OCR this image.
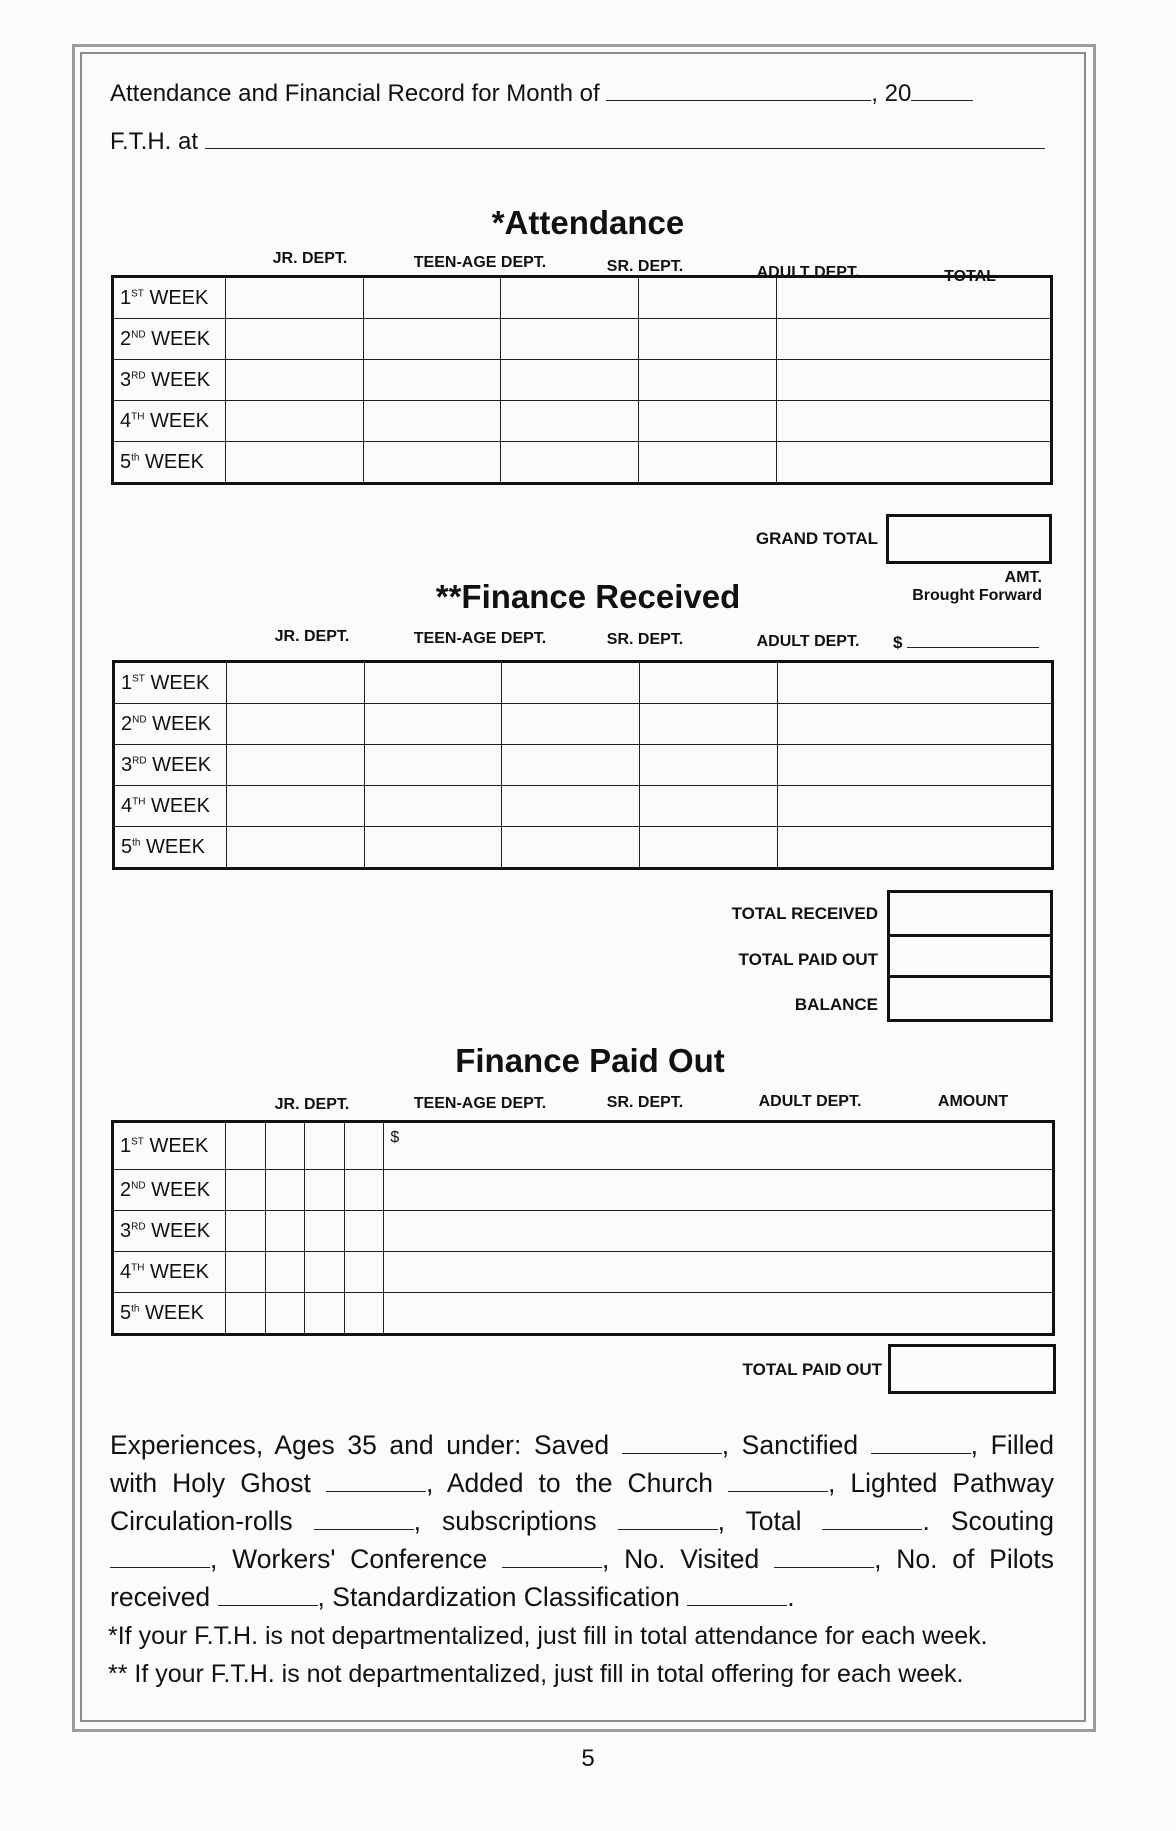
Attendance and Financial Record for Month of	, 20
F.T.H. at
*Attendance
JR. DEPT.	TEEN-AGE DEPT.	SR. DEPT.	ADULT DEPT.	TOTAL
1ST WEEK					
2ND WEEK					
3RD WEEK					
4TH WEEK					
5th WEEK					
GRAND TOTAL
**Finance Received
AMT.
Brought Forward
JR. DEPT.	TEEN-AGE DEPT.	SR. DEPT.	ADULT DEPT.	$
1ST WEEK					
2ND WEEK					
3RD WEEK					
4TH WEEK					
5th WEEK					
TOTAL RECEIVED
TOTAL PAID OUT
BALANCE
Finance Paid Out
JR. DEPT.	TEEN-AGE DEPT.	SR. DEPT.	ADULT DEPT.	AMOUNT
1ST WEEK					$
2ND WEEK					
3RD WEEK					
4TH WEEK					
5th WEEK					
TOTAL PAID OUT
Experiences, Ages 35 and under: Saved	, Sanctified	, Filled with Holy Ghost	, Added to the Church	, Lighted Pathway Circulation-rolls	, subscriptions	, Total	. Scouting , Workers' Conference	, No. Visited	, No. of Pilots received	, Standardization Classification	.
*If your F.T.H. is not departmentalized, just fill in total attendance for each week.
** If your F.T.H. is not departmentalized, just fill in total offering for each week.
5
